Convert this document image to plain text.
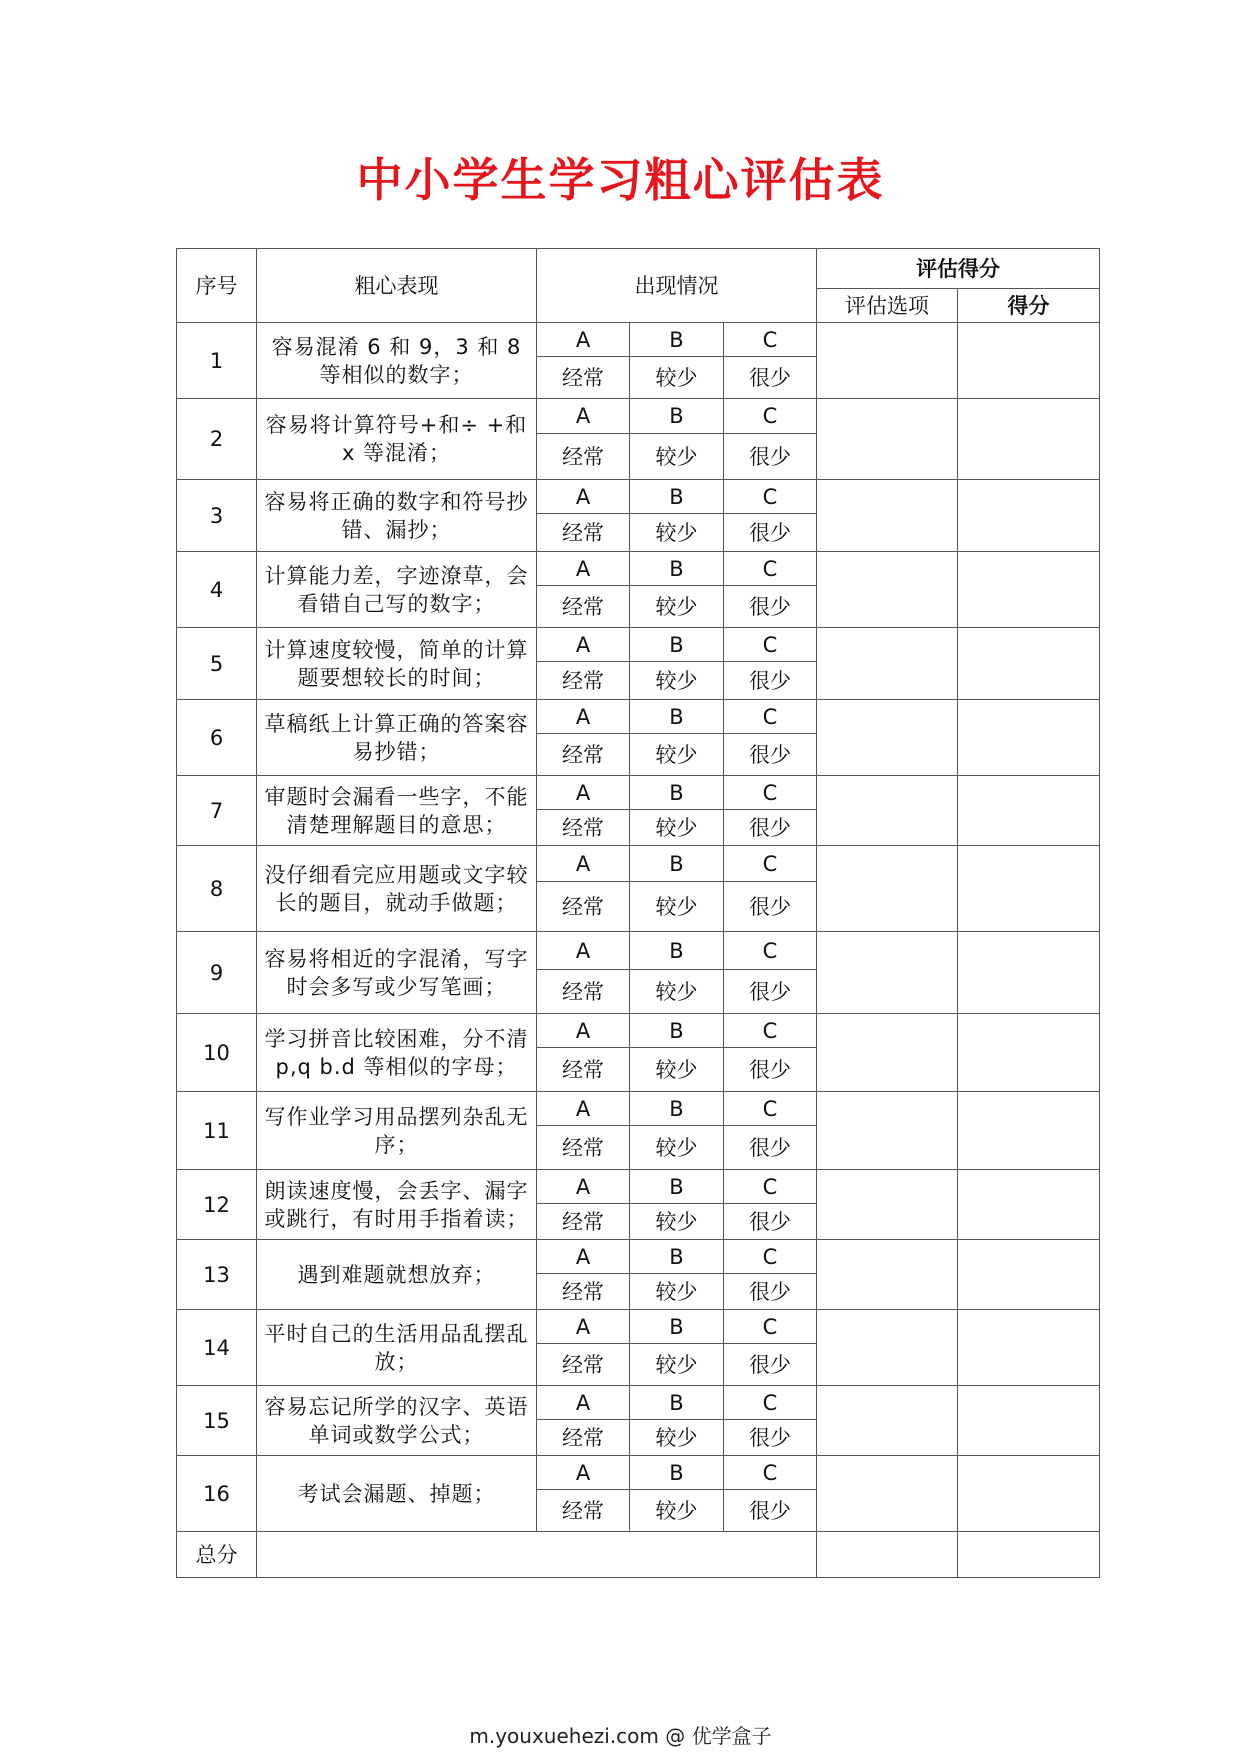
中小学生学习粗心评估表
序号	粗心表现	出现情况			评估得分	
					评估选项	得分
1	容易混淆 6 和 9，3 和 8 等相似的数字；	A	B	C		
		经常	较少	很少		
2	容易将计算符号+和÷ +和 x 等混淆；	A	B	C		
		经常	较少	很少		
3	容易将正确的数字和符号抄错、漏抄；	A	B	C		
		经常	较少	很少		
4	计算能力差，字迹潦草，会看错自己写的数字；	A	B	C		
		经常	较少	很少		
5	计算速度较慢，简单的计算题要想较长的时间；	A	B	C		
		经常	较少	很少		
6	草稿纸上计算正确的答案容易抄错；	A	B	C		
		经常	较少	很少		
7	审题时会漏看一些字，不能清楚理解题目的意思；	A	B	C		
		经常	较少	很少		
8	没仔细看完应用题或文字较长的题目，就动手做题；	A	B	C		
		经常	较少	很少		
9	容易将相近的字混淆，写字时会多写或少写笔画；	A	B	C		
		经常	较少	很少		
10	学习拼音比较困难，分不清 p,q b.d 等相似的字母；	A	B	C		
		经常	较少	很少		
11	写作业学习用品摆列杂乱无序；	A	B	C		
		经常	较少	很少		
12	朗读速度慢，会丢字、漏字或跳行，有时用手指着读；	A	B	C		
		经常	较少	很少		
13	遇到难题就想放弃；	A	B	C		
		经常	较少	很少		
14	平时自己的生活用品乱摆乱放；	A	B	C		
		经常	较少	很少		
15	容易忘记所学的汉字、英语单词或数学公式；	A	B	C		
		经常	较少	很少		
16	考试会漏题、掉题；	A	B	C		
		经常	较少	很少		
总分						
m.youxuehezi.com @ 优学盒子
